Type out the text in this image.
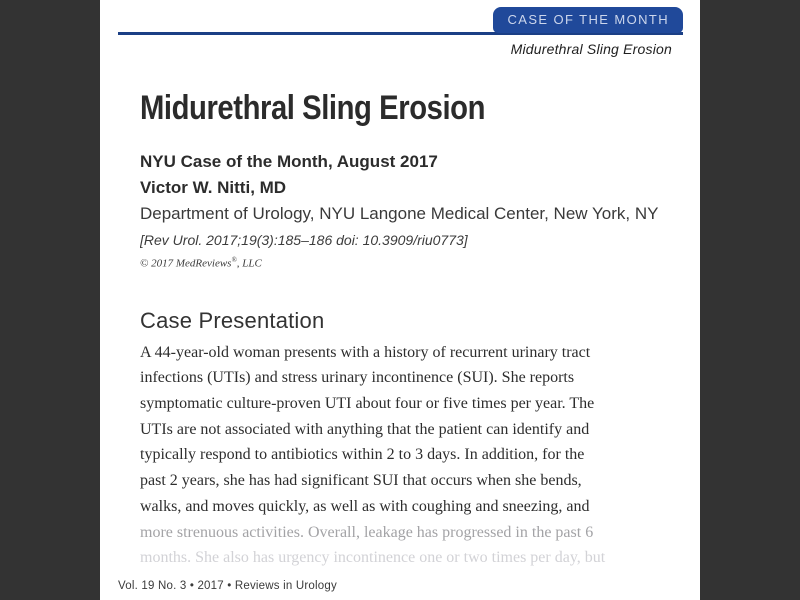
CASE OF THE MONTH
Midurethral Sling Erosion
Midurethral Sling Erosion
NYU Case of the Month, August 2017
Victor W. Nitti, MD
Department of Urology, NYU Langone Medical Center, New York, NY
[Rev Urol. 2017;19(3):185–186 doi: 10.3909/riu0773]
© 2017 MedReviews®, LLC
Case Presentation
A 44-year-old woman presents with a history of recurrent urinary tract
infections (UTIs) and stress urinary incontinence (SUI). She reports
symptomatic culture-proven UTI about four or five times per year. The
UTIs are not associated with anything that the patient can identify and
typically respond to antibiotics within 2 to 3 days. In addition, for the
past 2 years, she has had significant SUI that occurs when she bends,
walks, and moves quickly, as well as with coughing and sneezing, and
more strenuous activities. Overall, leakage has progressed in the past 6
months. She also has urgency incontinence one or two times per day, but
Vol. 19 No. 3 • 2017 • Reviews in Urology
